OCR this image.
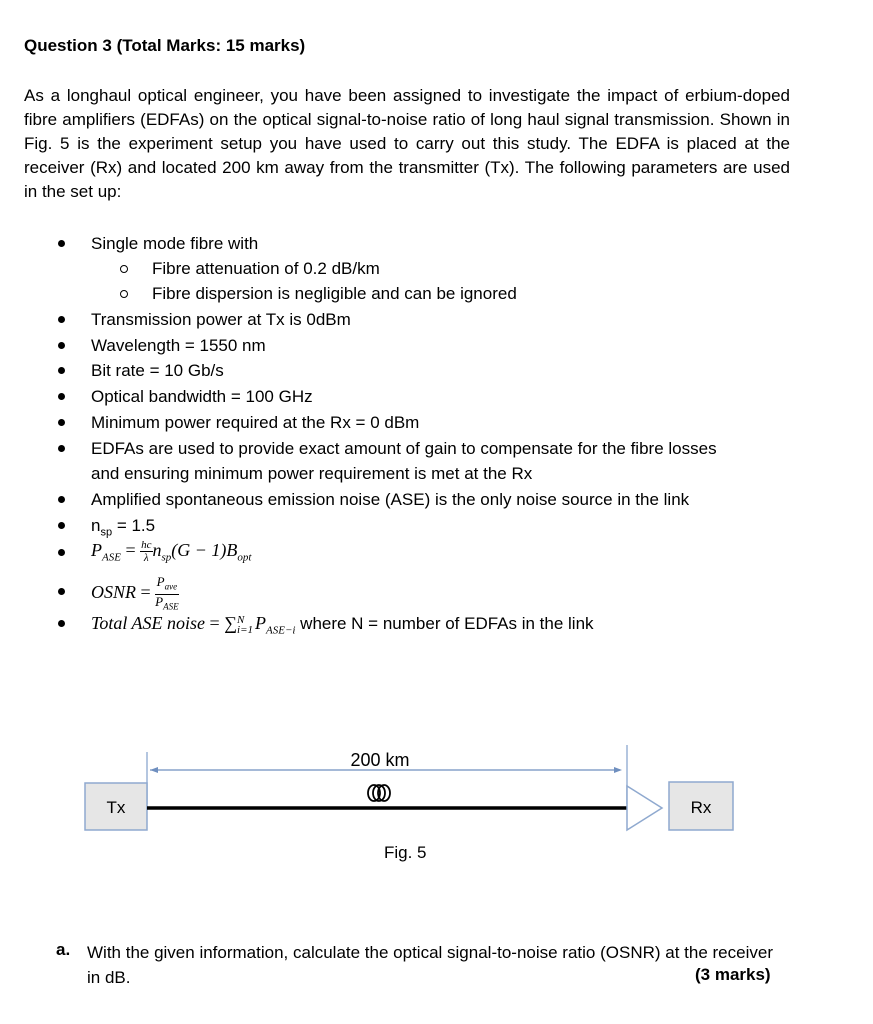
Question 3 (Total Marks: 15 marks)
As a longhaul optical engineer, you have been assigned to investigate the impact of erbium-doped fibre amplifiers (EDFAs) on the optical signal-to-noise ratio of long haul signal transmission. Shown in Fig. 5 is the experiment setup you have used to carry out this study. The EDFA is placed at the receiver (Rx) and located 200 km away from the transmitter (Tx). The following parameters are used in the set up:
Single mode fibre with
Fibre attenuation of 0.2 dB/km
Fibre dispersion is negligible and can be ignored
Transmission power at Tx is 0dBm
Wavelength = 1550 nm
Bit rate = 10 Gb/s
Optical bandwidth = 100 GHz
Minimum power required at the Rx = 0 dBm
EDFAs are used to provide exact amount of gain to compensate for the fibre losses
and ensuring minimum power requirement is met at the Rx
Amplified spontaneous emission noise (ASE) is the only noise source in the link
$n_{sp} = 1.5$
$P_{ASE} = \frac{hc}{\lambda} n_{sp}(G - 1)B_{opt}$
OSNR = $\frac{P_{ave}}{P_{ASE}}$
Total ASE noise = ∑ N
i=1 $P_{ASE-i}$ where N = number of EDFAs in the link
200 km
Tx	Rx
Fig. 5
a. With the given information, calculate the optical signal-to-noise ratio (OSNR) at the receiver in dB.	(3 marks)
